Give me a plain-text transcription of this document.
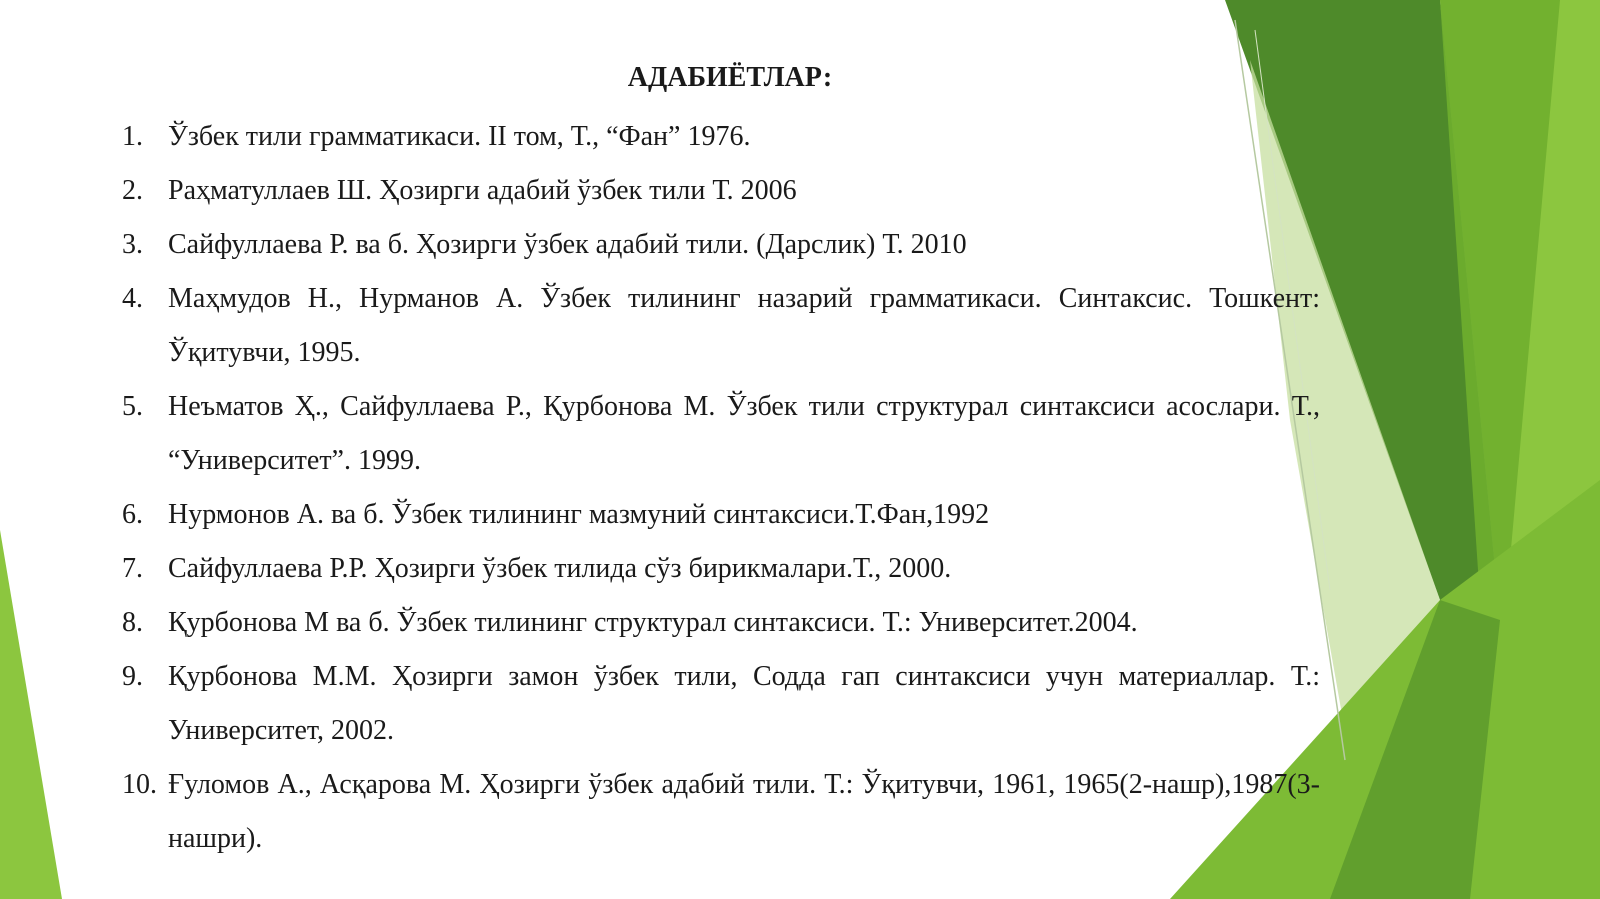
АДАБИЁТЛАР:
1. Ўзбек тили грамматикаси. II том, Т., “Фан” 1976.
2. Раҳматуллаев Ш. Ҳозирги адабий ўзбек тили Т. 2006
3. Сайфуллаева Р. ва б. Ҳозирги ўзбек адабий тили. (Дарслик) Т. 2010
4. Маҳмудов Н., Нурманов А. Ўзбек тилининг назарий грамматикаси. Синтаксис. Тошкент: Ўқитувчи, 1995.
5. Неъматов Ҳ., Сайфуллаева Р., Қурбонова М. Ўзбек тили структурал синтаксиси асослари. Т., “Университет”. 1999.
6. Нурмонов А. ва б. Ўзбек тилининг мазмуний синтаксиси.Т.Фан,1992
7. Сайфуллаева Р.Р. Ҳозирги ўзбек тилида сўз бирикмалари.Т., 2000.
8. Қурбонова М ва б. Ўзбек тилининг структурал синтаксиси. Т.: Университет.2004.
9. Қурбонова М.М. Ҳозирги замон ўзбек тили, Содда гап синтаксиси учун материаллар. Т.: Университет, 2002.
10. Ғуломов А., Асқарова М. Ҳозирги ўзбек адабий тили. Т.: Ўқитувчи, 1961, 1965(2-нашр),1987(3-нашри).
